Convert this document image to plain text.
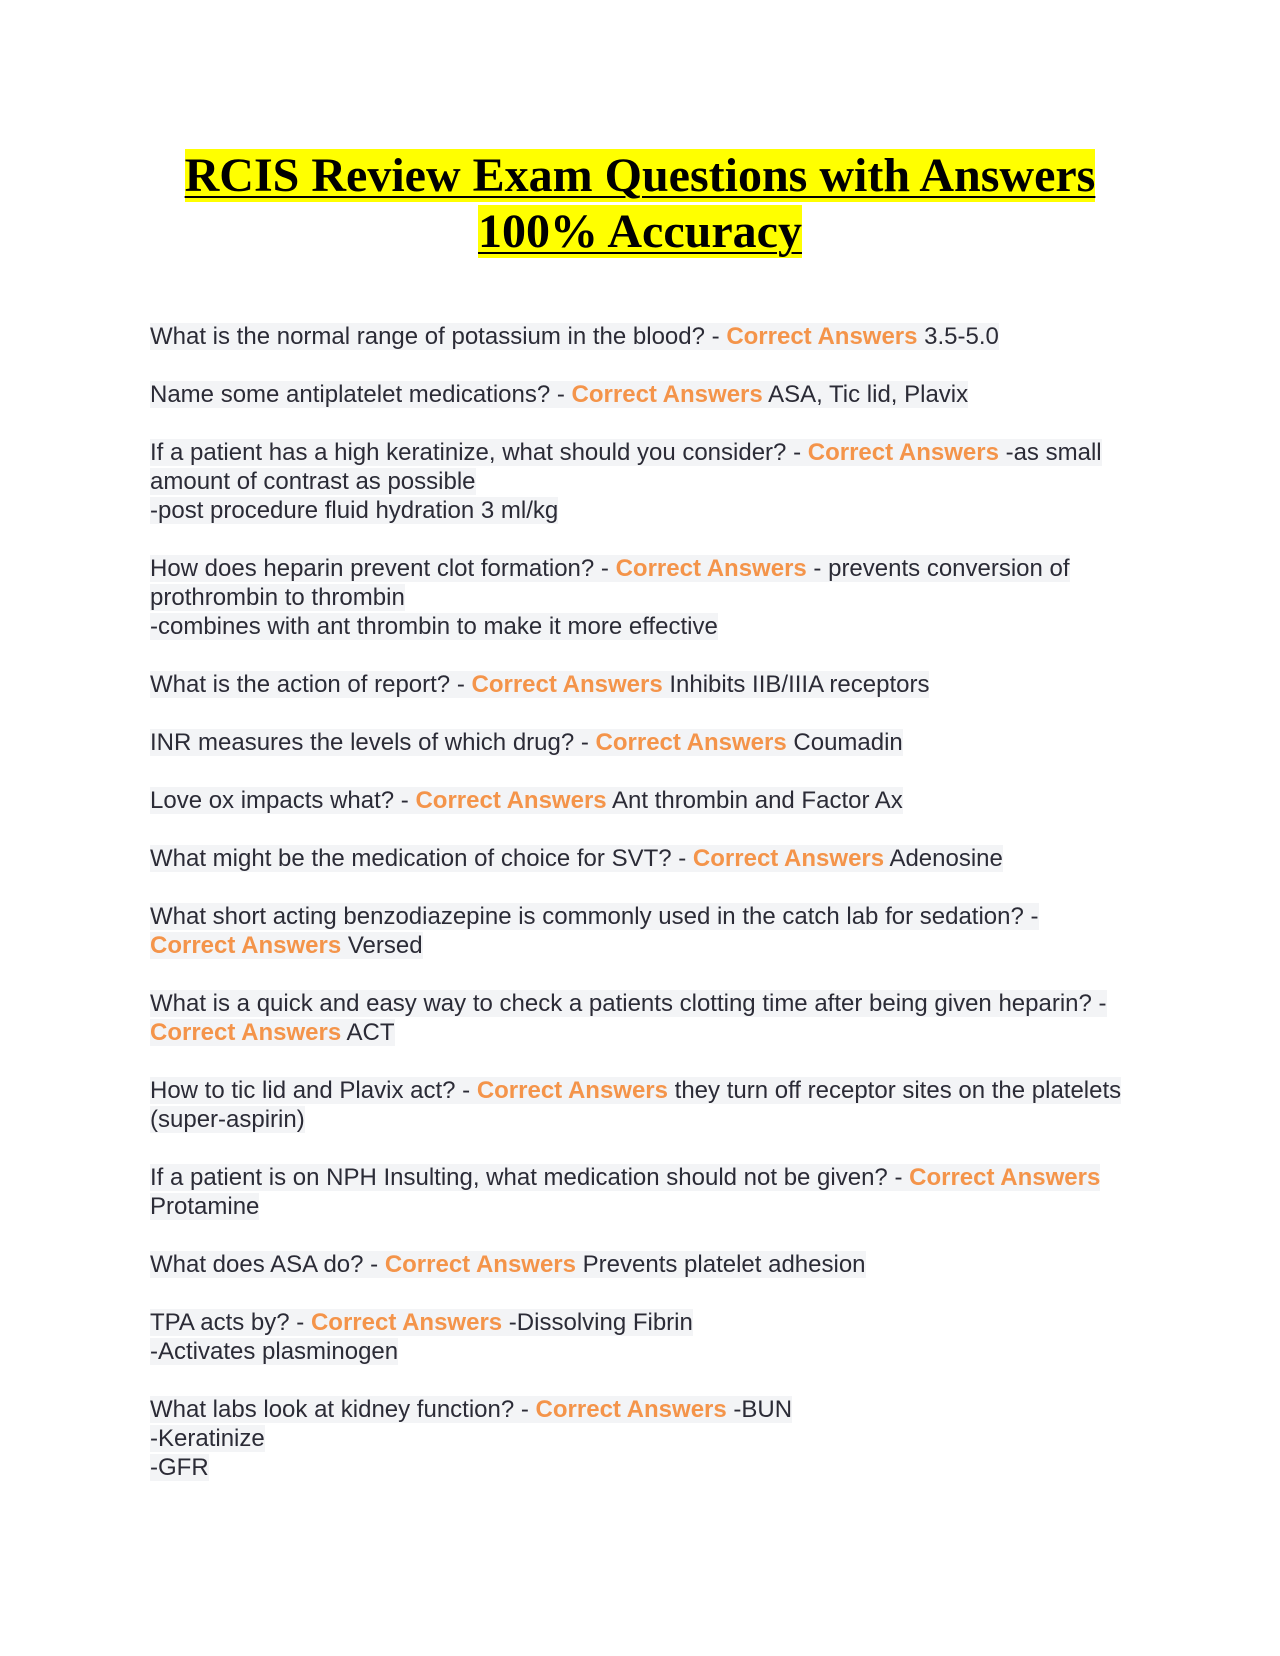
RCIS Review Exam Questions with Answers
100% Accuracy

What is the normal range of potassium in the blood? - Correct Answers 3.5-5.0

Name some antiplatelet medications? - Correct Answers ASA, Tic lid, Plavix

If a patient has a high keratinize, what should you consider? - Correct Answers -as small amount of contrast as possible
-post procedure fluid hydration 3 ml/kg

How does heparin prevent clot formation? - Correct Answers - prevents conversion of prothrombin to thrombin
-combines with ant thrombin to make it more effective

What is the action of report? - Correct Answers Inhibits IIB/IIIA receptors

INR measures the levels of which drug? - Correct Answers Coumadin

Love ox impacts what? - Correct Answers Ant thrombin and Factor Ax

What might be the medication of choice for SVT? - Correct Answers Adenosine

What short acting benzodiazepine is commonly used in the catch lab for sedation? - Correct Answers Versed

What is a quick and easy way to check a patients clotting time after being given heparin? - Correct Answers ACT

How to tic lid and Plavix act? - Correct Answers they turn off receptor sites on the platelets (super-aspirin)

If a patient is on NPH Insulting, what medication should not be given? - Correct Answers Protamine

What does ASA do? - Correct Answers Prevents platelet adhesion

TPA acts by? - Correct Answers -Dissolving Fibrin
-Activates plasminogen

What labs look at kidney function? - Correct Answers -BUN
-Keratinize
-GFR
